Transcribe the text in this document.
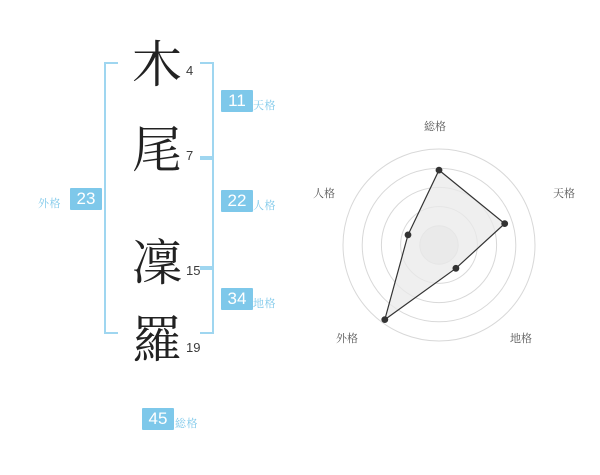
木 4
尾 7
凜 15
羅 19
外格 23
11 天格
22 人格
34 地格
45 総格
総格
天格
地格
外格
人格
